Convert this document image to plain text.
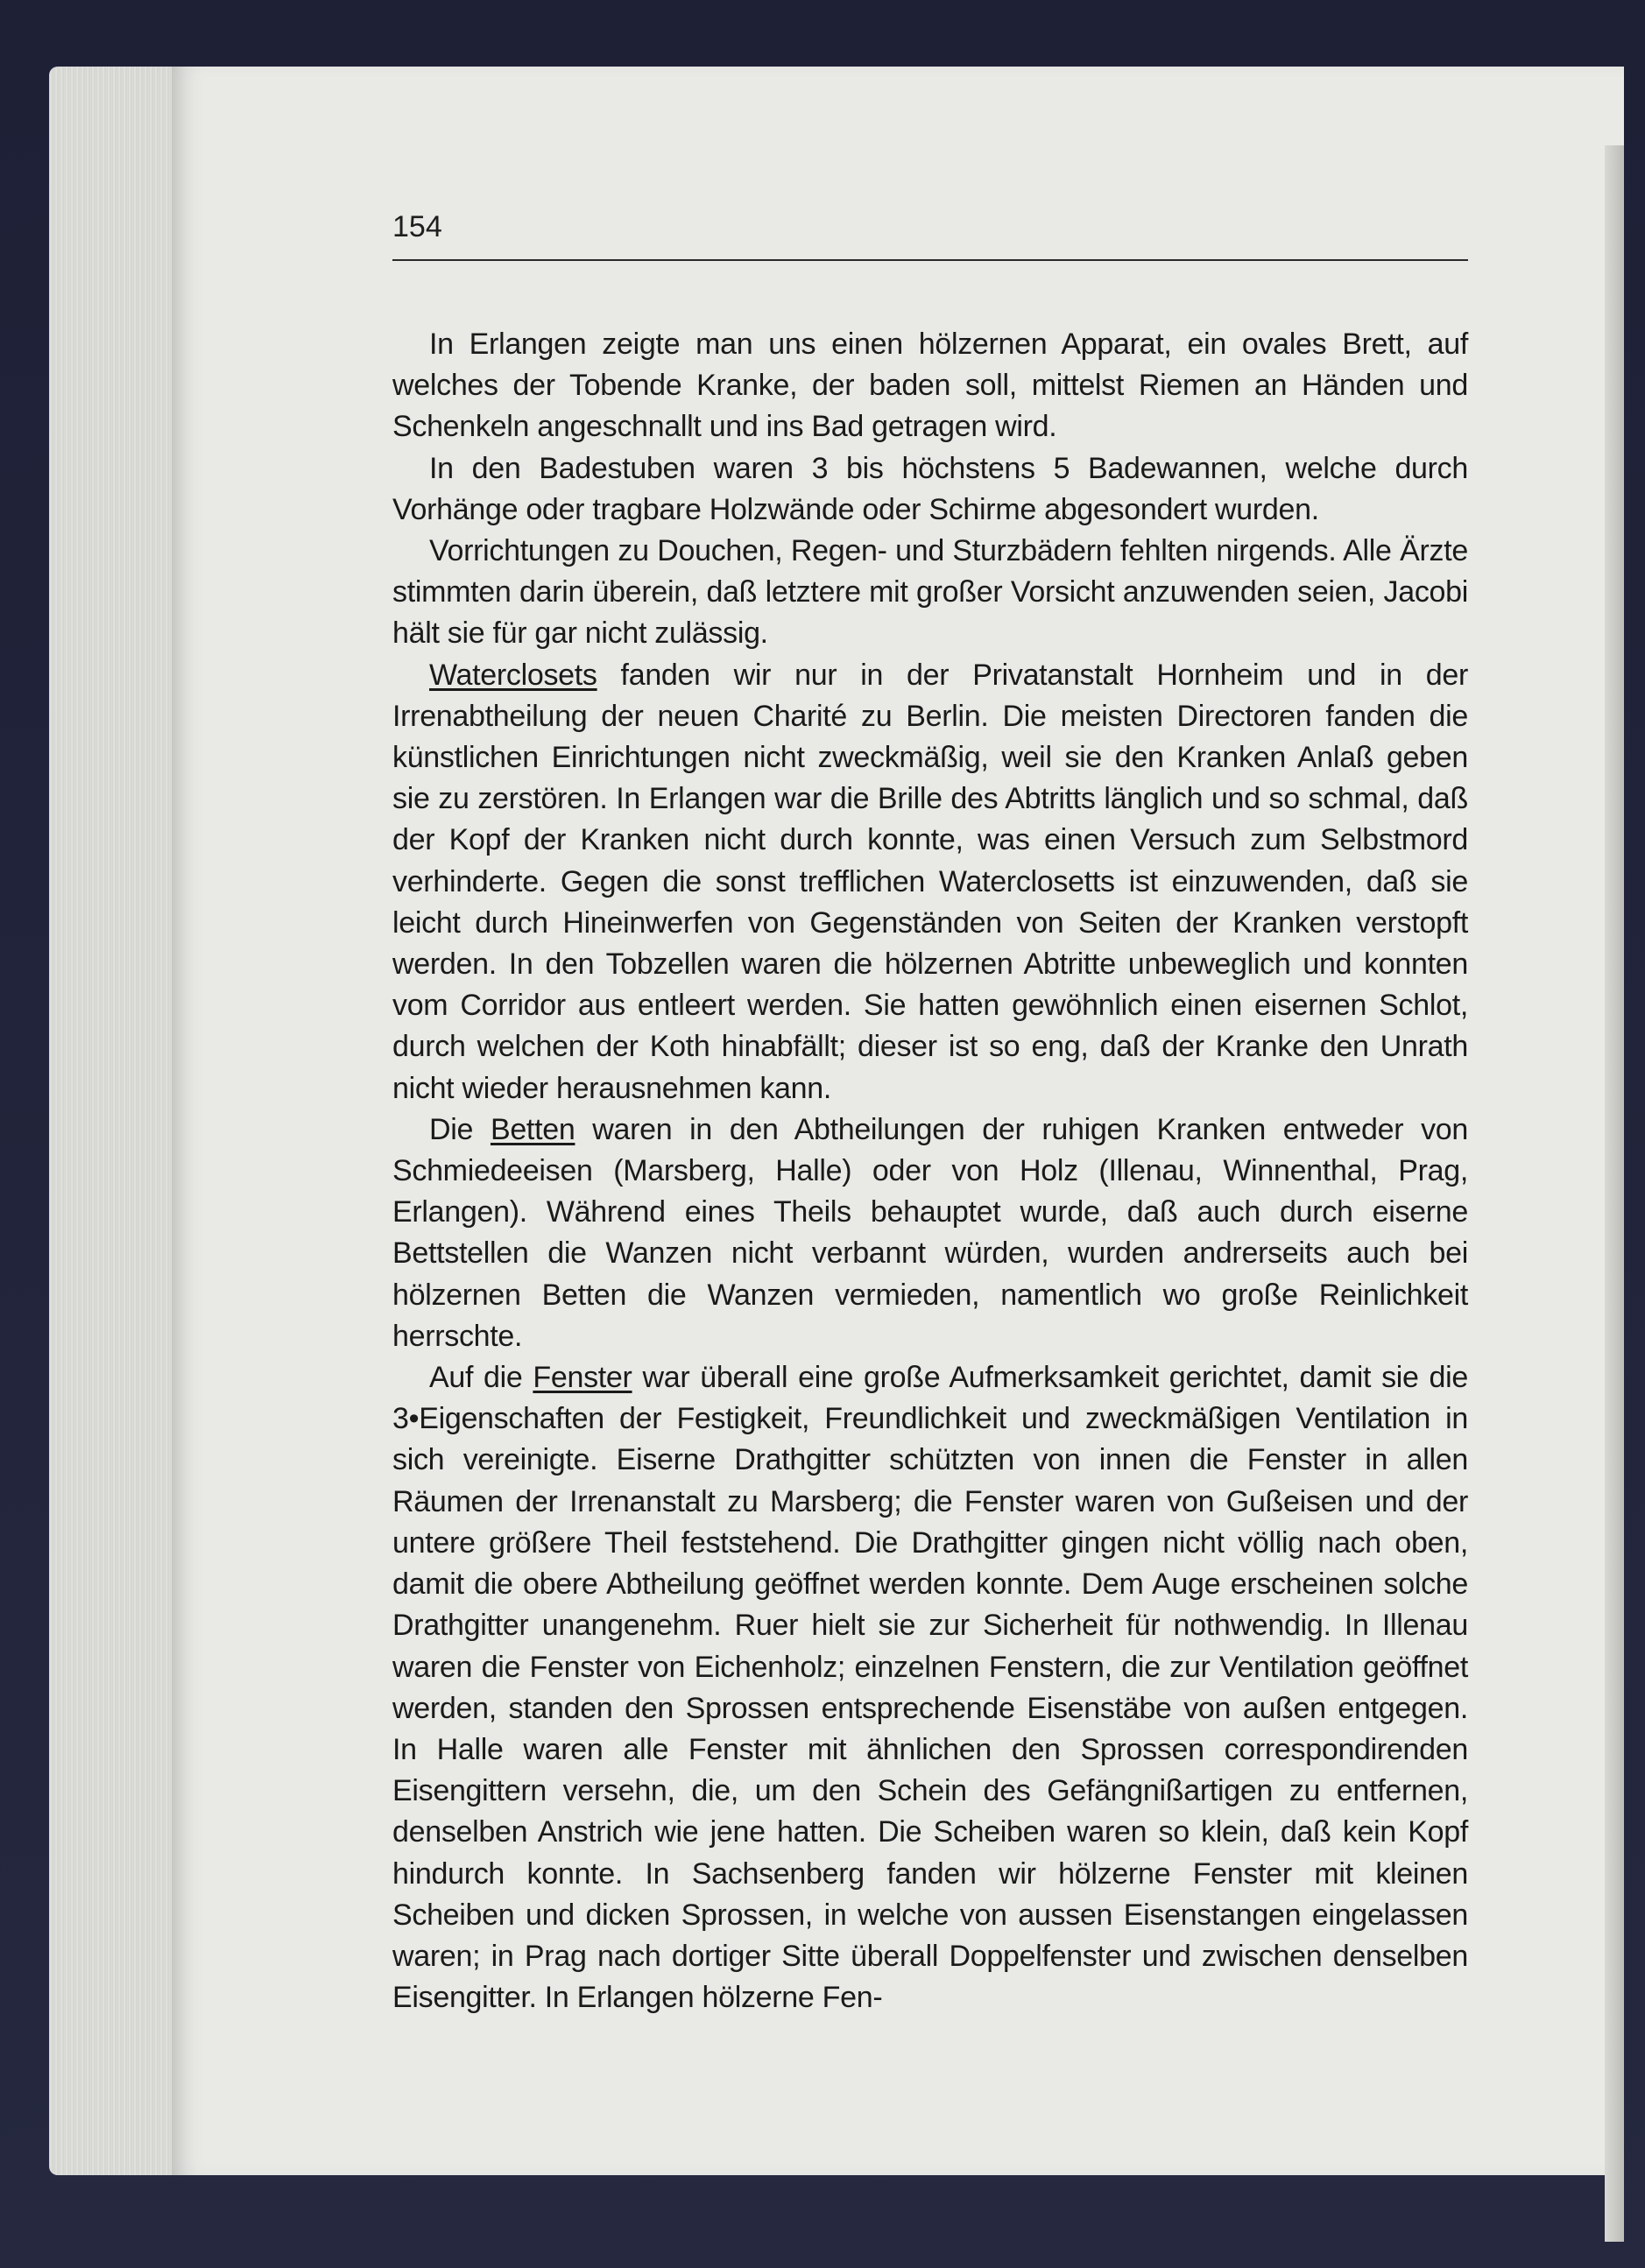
154

In Erlangen zeigte man uns einen hölzernen Apparat, ein ovales Brett, auf welches der Tobende Kranke, der baden soll, mittelst Riemen an Händen und Schenkeln angeschnallt und ins Bad getragen wird.

In den Badestuben waren 3 bis höchstens 5 Badewannen, welche durch Vorhänge oder tragbare Holzwände oder Schirme abgesondert wurden.

Vorrichtungen zu Douchen, Regen- und Sturzbädern fehlten nirgends. Alle Ärzte stimmten darin überein, daß letztere mit großer Vorsicht anzuwenden seien, Jacobi hält sie für gar nicht zulässig.

Waterclosets fanden wir nur in der Privatanstalt Hornheim und in der Irrenabtheilung der neuen Charité zu Berlin. Die meisten Directoren fanden die künstlichen Einrichtungen nicht zweckmäßig, weil sie den Kranken Anlaß geben sie zu zerstören. In Erlangen war die Brille des Abtritts länglich und so schmal, daß der Kopf der Kranken nicht durch konnte, was einen Versuch zum Selbstmord verhinderte. Gegen die sonst trefflichen Waterclosetts ist einzuwenden, daß sie leicht durch Hineinwerfen von Gegenständen von Seiten der Kranken verstopft werden. In den Tobzellen waren die hölzernen Abtritte unbeweglich und konnten vom Corridor aus entleert werden. Sie hatten gewöhnlich einen eisernen Schlot, durch welchen der Koth hinabfällt; dieser ist so eng, daß der Kranke den Unrath nicht wieder herausnehmen kann.

Die Betten waren in den Abtheilungen der ruhigen Kranken entweder von Schmiedeeisen (Marsberg, Halle) oder von Holz (Illenau, Winnenthal, Prag, Erlangen). Während eines Theils behauptet wurde, daß auch durch eiserne Bettstellen die Wanzen nicht verbannt würden, wurden andrerseits auch bei hölzernen Betten die Wanzen vermieden, namentlich wo große Reinlichkeit herrschte.

Auf die Fenster war überall eine große Aufmerksamkeit gerichtet, damit sie die 3•Eigenschaften der Festigkeit, Freundlichkeit und zweckmäßigen Ventilation in sich vereinigte. Eiserne Drathgitter schützten von innen die Fenster in allen Räumen der Irrenanstalt zu Marsberg; die Fenster waren von Gußeisen und der untere größere Theil feststehend. Die Drathgitter gingen nicht völlig nach oben, damit die obere Abtheilung geöffnet werden konnte. Dem Auge erscheinen solche Drathgitter unangenehm. Ruer hielt sie zur Sicherheit für nothwendig. In Illenau waren die Fenster von Eichenholz; einzelnen Fenstern, die zur Ventilation geöffnet werden, standen den Sprossen entsprechende Eisenstäbe von außen entgegen. In Halle waren alle Fenster mit ähnlichen den Sprossen correspondirenden Eisengittern versehn, die, um den Schein des Gefängnißartigen zu entfernen, denselben Anstrich wie jene hatten. Die Scheiben waren so klein, daß kein Kopf hindurch konnte. In Sachsenberg fanden wir hölzerne Fenster mit kleinen Scheiben und dicken Sprossen, in welche von aussen Eisenstangen eingelassen waren; in Prag nach dortiger Sitte überall Doppelfenster und zwischen denselben Eisengitter. In Erlangen hölzerne Fen-
